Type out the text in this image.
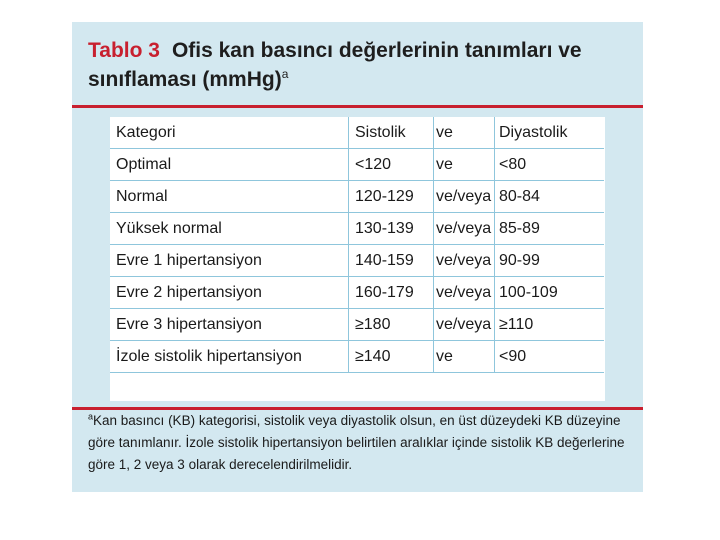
Tablo 3 Ofis kan basıncı değerlerinin tanımları ve sınıflaması (mmHg)$^a$
Kategori	Sistolik	ve	Diyastolik
Optimal	<120	ve	<80
Normal	120-129	ve/veya	80-84
Yüksek normal	130-139	ve/veya	85-89
Evre 1 hipertansiyon	140-159	ve/veya	90-99
Evre 2 hipertansiyon	160-179	ve/veya	100-109
Evre 3 hipertansiyon	≥180	ve/veya	≥110
İzole sistolik hipertansiyon	≥140	ve	<90
$^a$Kan basıncı (KB) kategorisi, sistolik veya diyastolik olsun, en üst düzeydeki KB düzeyine göre tanımlanır. İzole sistolik hipertansiyon belirtilen aralıklar içinde sistolik KB değerlerine göre 1, 2 veya 3 olarak derecelendirilmelidir.
